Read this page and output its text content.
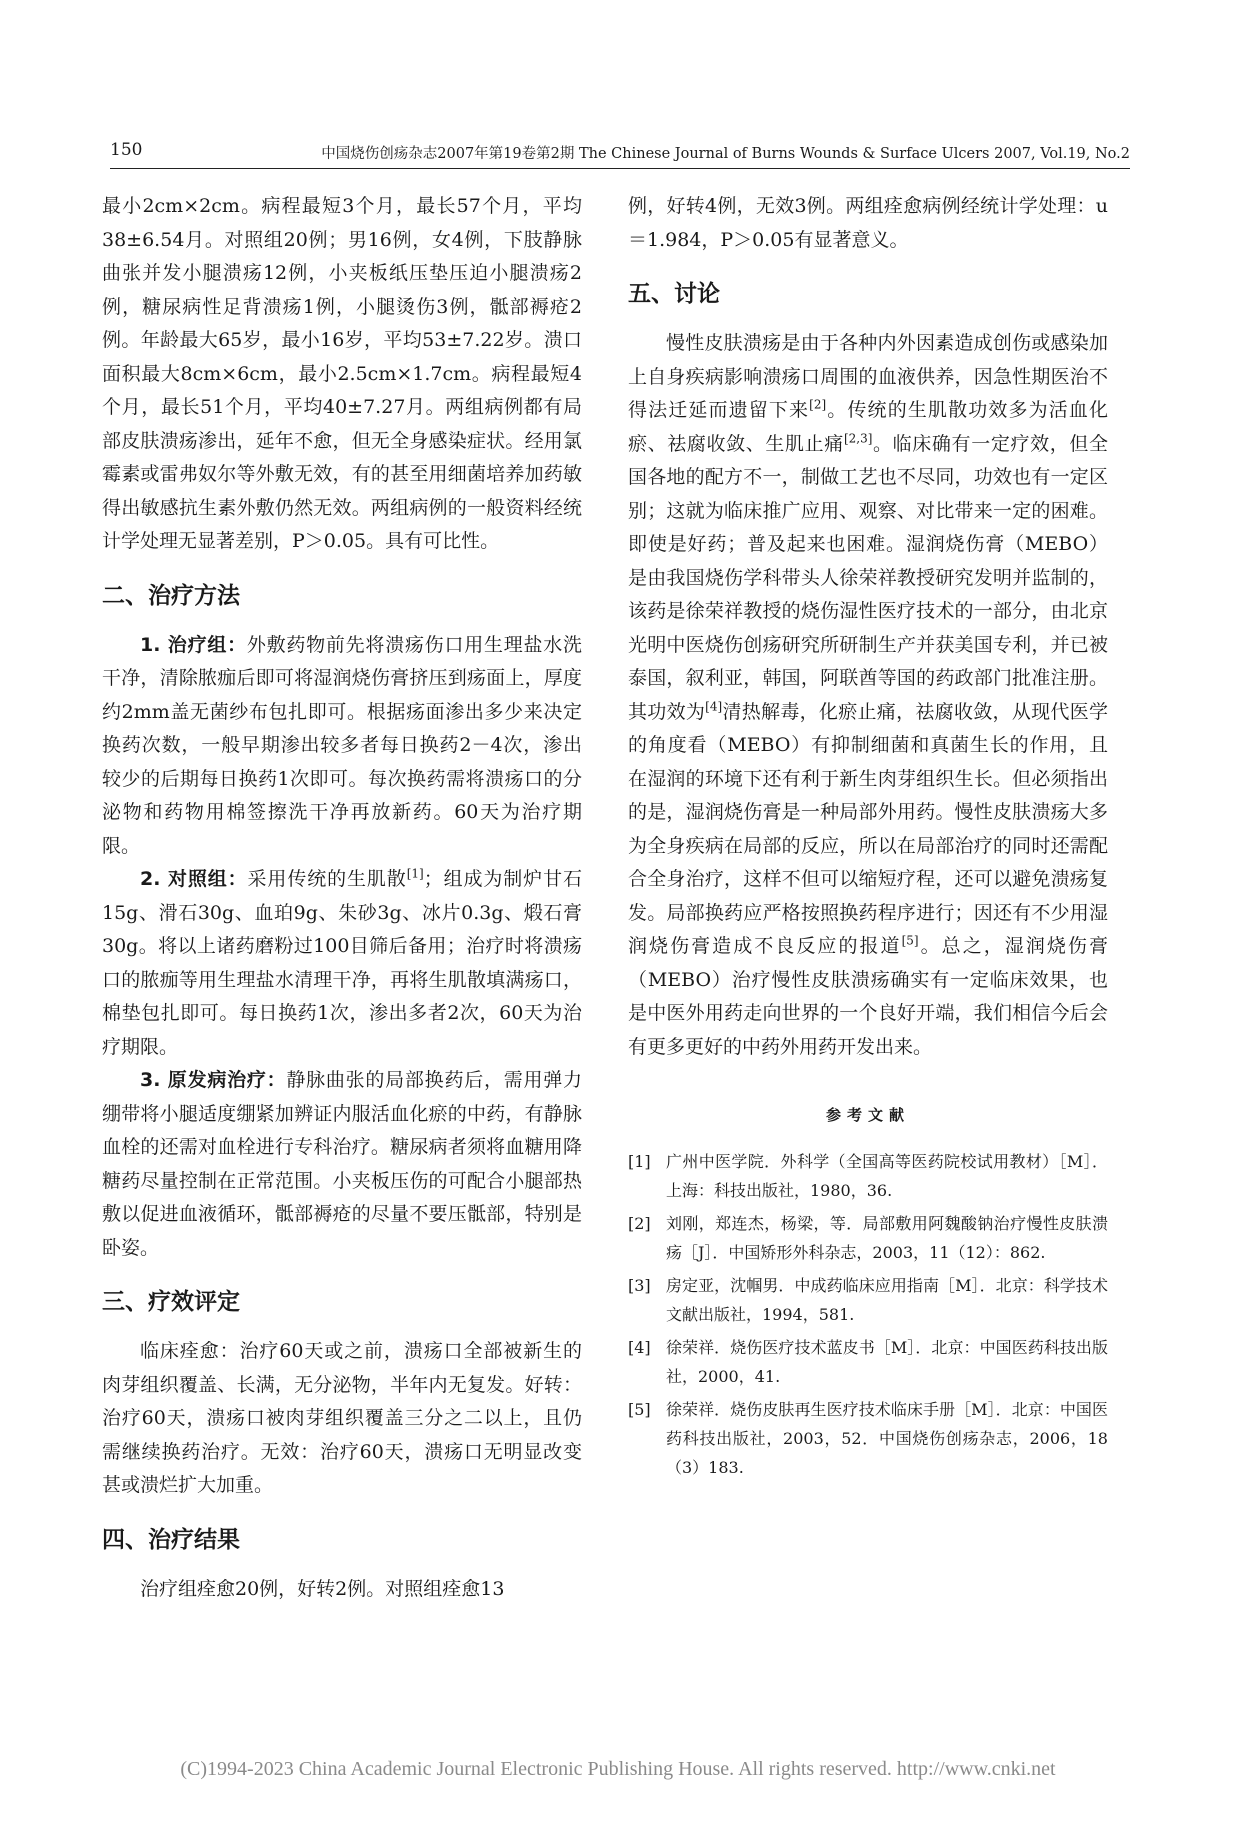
150	中国烧伤创疡杂志2007年第19卷第2期 The Chinese Journal of Burns Wounds & Surface Ulcers 2007, Vol.19, No.2

最小2cm×2cm。病程最短3个月，最长57个月，平均38±6.54月。对照组20例；男16例，女4例，下肢静脉曲张并发小腿溃疡12例，小夹板纸压垫压迫小腿溃疡2例，糖尿病性足背溃疡1例，小腿烫伤3例，骶部褥疮2例。年龄最大65岁，最小16岁，平均53±7.22岁。溃口面积最大8cm×6cm，最小2.5cm×1.7cm。病程最短4个月，最长51个月，平均40±7.27月。两组病例都有局部皮肤溃疡渗出，延年不愈，但无全身感染症状。经用氯霉素或雷弗奴尔等外敷无效，有的甚至用细菌培养加药敏得出敏感抗生素外敷仍然无效。两组病例的一般资料经统计学处理无显著差别，P＞0.05。具有可比性。

二、治疗方法

1. 治疗组：外敷药物前先将溃疡伤口用生理盐水洗干净，清除脓痂后即可将湿润烧伤膏挤压到疡面上，厚度约2mm盖无菌纱布包扎即可。根据疡面渗出多少来决定换药次数，一般早期渗出较多者每日换药2－4次，渗出较少的后期每日换药1次即可。每次换药需将溃疡口的分泌物和药物用棉签擦洗干净再放新药。60天为治疗期限。

2. 对照组：采用传统的生肌散[1]；组成为制炉甘石15g、滑石30g、血珀9g、朱砂3g、冰片0.3g、煅石膏30g。将以上诸药磨粉过100目筛后备用；治疗时将溃疡口的脓痂等用生理盐水清理干净，再将生肌散填满疡口，棉垫包扎即可。每日换药1次，渗出多者2次，60天为治疗期限。

3. 原发病治疗：静脉曲张的局部换药后，需用弹力绷带将小腿适度绷紧加辨证内服活血化瘀的中药，有静脉血栓的还需对血栓进行专科治疗。糖尿病者须将血糖用降糖药尽量控制在正常范围。小夹板压伤的可配合小腿部热敷以促进血液循环，骶部褥疮的尽量不要压骶部，特别是卧姿。

三、疗效评定

临床痊愈：治疗60天或之前，溃疡口全部被新生的肉芽组织覆盖、长满，无分泌物，半年内无复发。好转：治疗60天，溃疡口被肉芽组织覆盖三分之二以上，且仍需继续换药治疗。无效：治疗60天，溃疡口无明显改变甚或溃烂扩大加重。

四、治疗结果

治疗组痊愈20例，好转2例。对照组痊愈13

例，好转4例，无效3例。两组痊愈病例经统计学处理：u＝1.984，P＞0.05有显著意义。

五、讨论

慢性皮肤溃疡是由于各种内外因素造成创伤或感染加上自身疾病影响溃疡口周围的血液供养，因急性期医治不得法迁延而遗留下来[2]。传统的生肌散功效多为活血化瘀、祛腐收敛、生肌止痛[2,3]。临床确有一定疗效，但全国各地的配方不一，制做工艺也不尽同，功效也有一定区别；这就为临床推广应用、观察、对比带来一定的困难。即使是好药；普及起来也困难。湿润烧伤膏（MEBO）是由我国烧伤学科带头人徐荣祥教授研究发明并监制的，该药是徐荣祥教授的烧伤湿性医疗技术的一部分，由北京光明中医烧伤创疡研究所研制生产并获美国专利，并已被泰国，叙利亚，韩国，阿联酋等国的药政部门批准注册。其功效为[4]清热解毒，化瘀止痛，祛腐收敛，从现代医学的角度看（MEBO）有抑制细菌和真菌生长的作用，且在湿润的环境下还有利于新生肉芽组织生长。但必须指出的是，湿润烧伤膏是一种局部外用药。慢性皮肤溃疡大多为全身疾病在局部的反应，所以在局部治疗的同时还需配合全身治疗，这样不但可以缩短疗程，还可以避免溃疡复发。局部换药应严格按照换药程序进行；因还有不少用湿润烧伤膏造成不良反应的报道[5]。总之，湿润烧伤膏（MEBO）治疗慢性皮肤溃疡确实有一定临床效果，也是中医外用药走向世界的一个良好开端，我们相信今后会有更多更好的中药外用药开发出来。

参考文献
[1] 广州中医学院．外科学（全国高等医药院校试用教材）［M］．上海：科技出版社，1980，36.
[2] 刘刚，郑连杰，杨梁，等．局部敷用阿魏酸钠治疗慢性皮肤溃疡［J］．中国矫形外科杂志，2003，11（12）：862.
[3] 房定亚，沈帼男．中成药临床应用指南［M］．北京：科学技术文献出版社，1994，581.
[4] 徐荣祥．烧伤医疗技术蓝皮书［M］．北京：中国医药科技出版社，2000，41.
[5] 徐荣祥．烧伤皮肤再生医疗技术临床手册［M］．北京：中国医药科技出版社，2003，52．中国烧伤创疡杂志，2006，18（3）183.
(C)1994-2023 China Academic Journal Electronic Publishing House. All rights reserved. http://www.cnki.net
